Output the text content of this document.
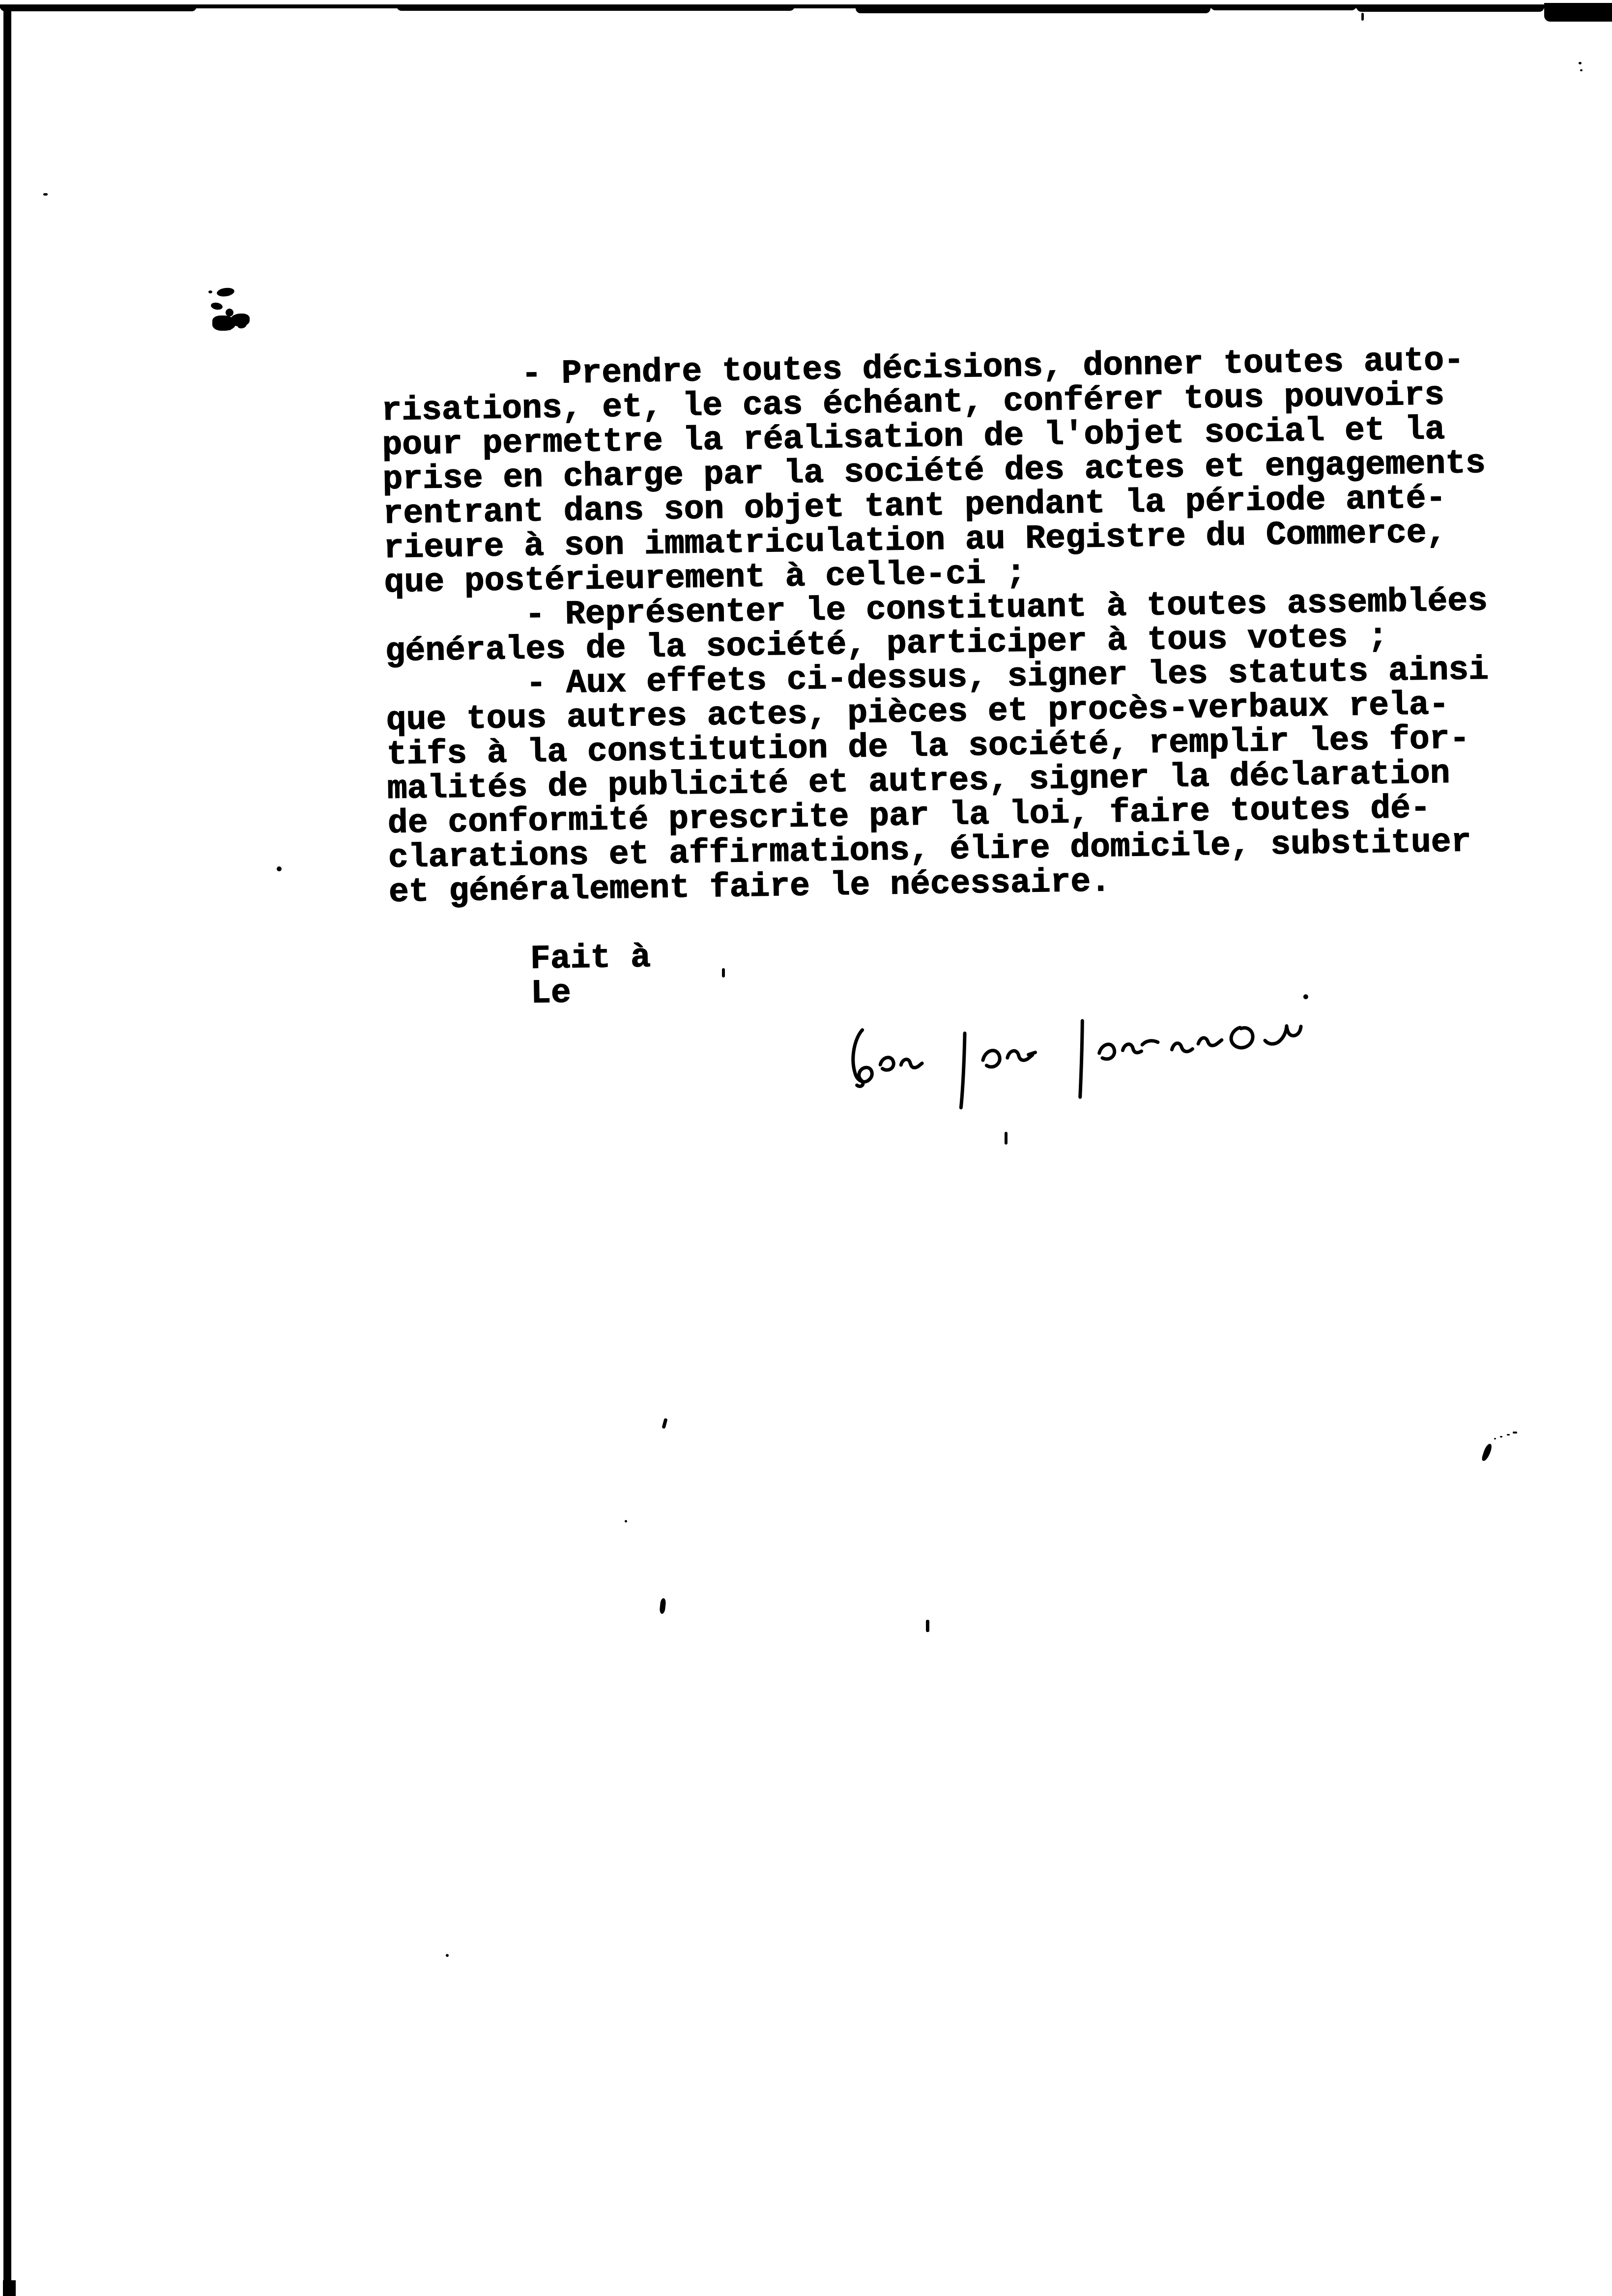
- Prendre toutes décisions, donner toutes auto-
risations, et, le cas échéant, conférer tous pouvoirs
pour permettre la réalisation de l'objet social et la
prise en charge par la société des actes et engagements
rentrant dans son objet tant pendant la période anté-
rieure à son immatriculation au Registre du Commerce,
que postérieurement à celle-ci ;
- Représenter le constituant à toutes assemblées
générales de la société, participer à tous votes ;
- Aux effets ci-dessus, signer les statuts ainsi
que tous autres actes, pièces et procès-verbaux rela-
tifs à la constitution de la société, remplir les for-
malités de publicité et autres, signer la déclaration
de conformité prescrite par la loi, faire toutes dé-
clarations et affirmations, élire domicile, substituer
et généralement faire le nécessaire.
Fait à
Le
